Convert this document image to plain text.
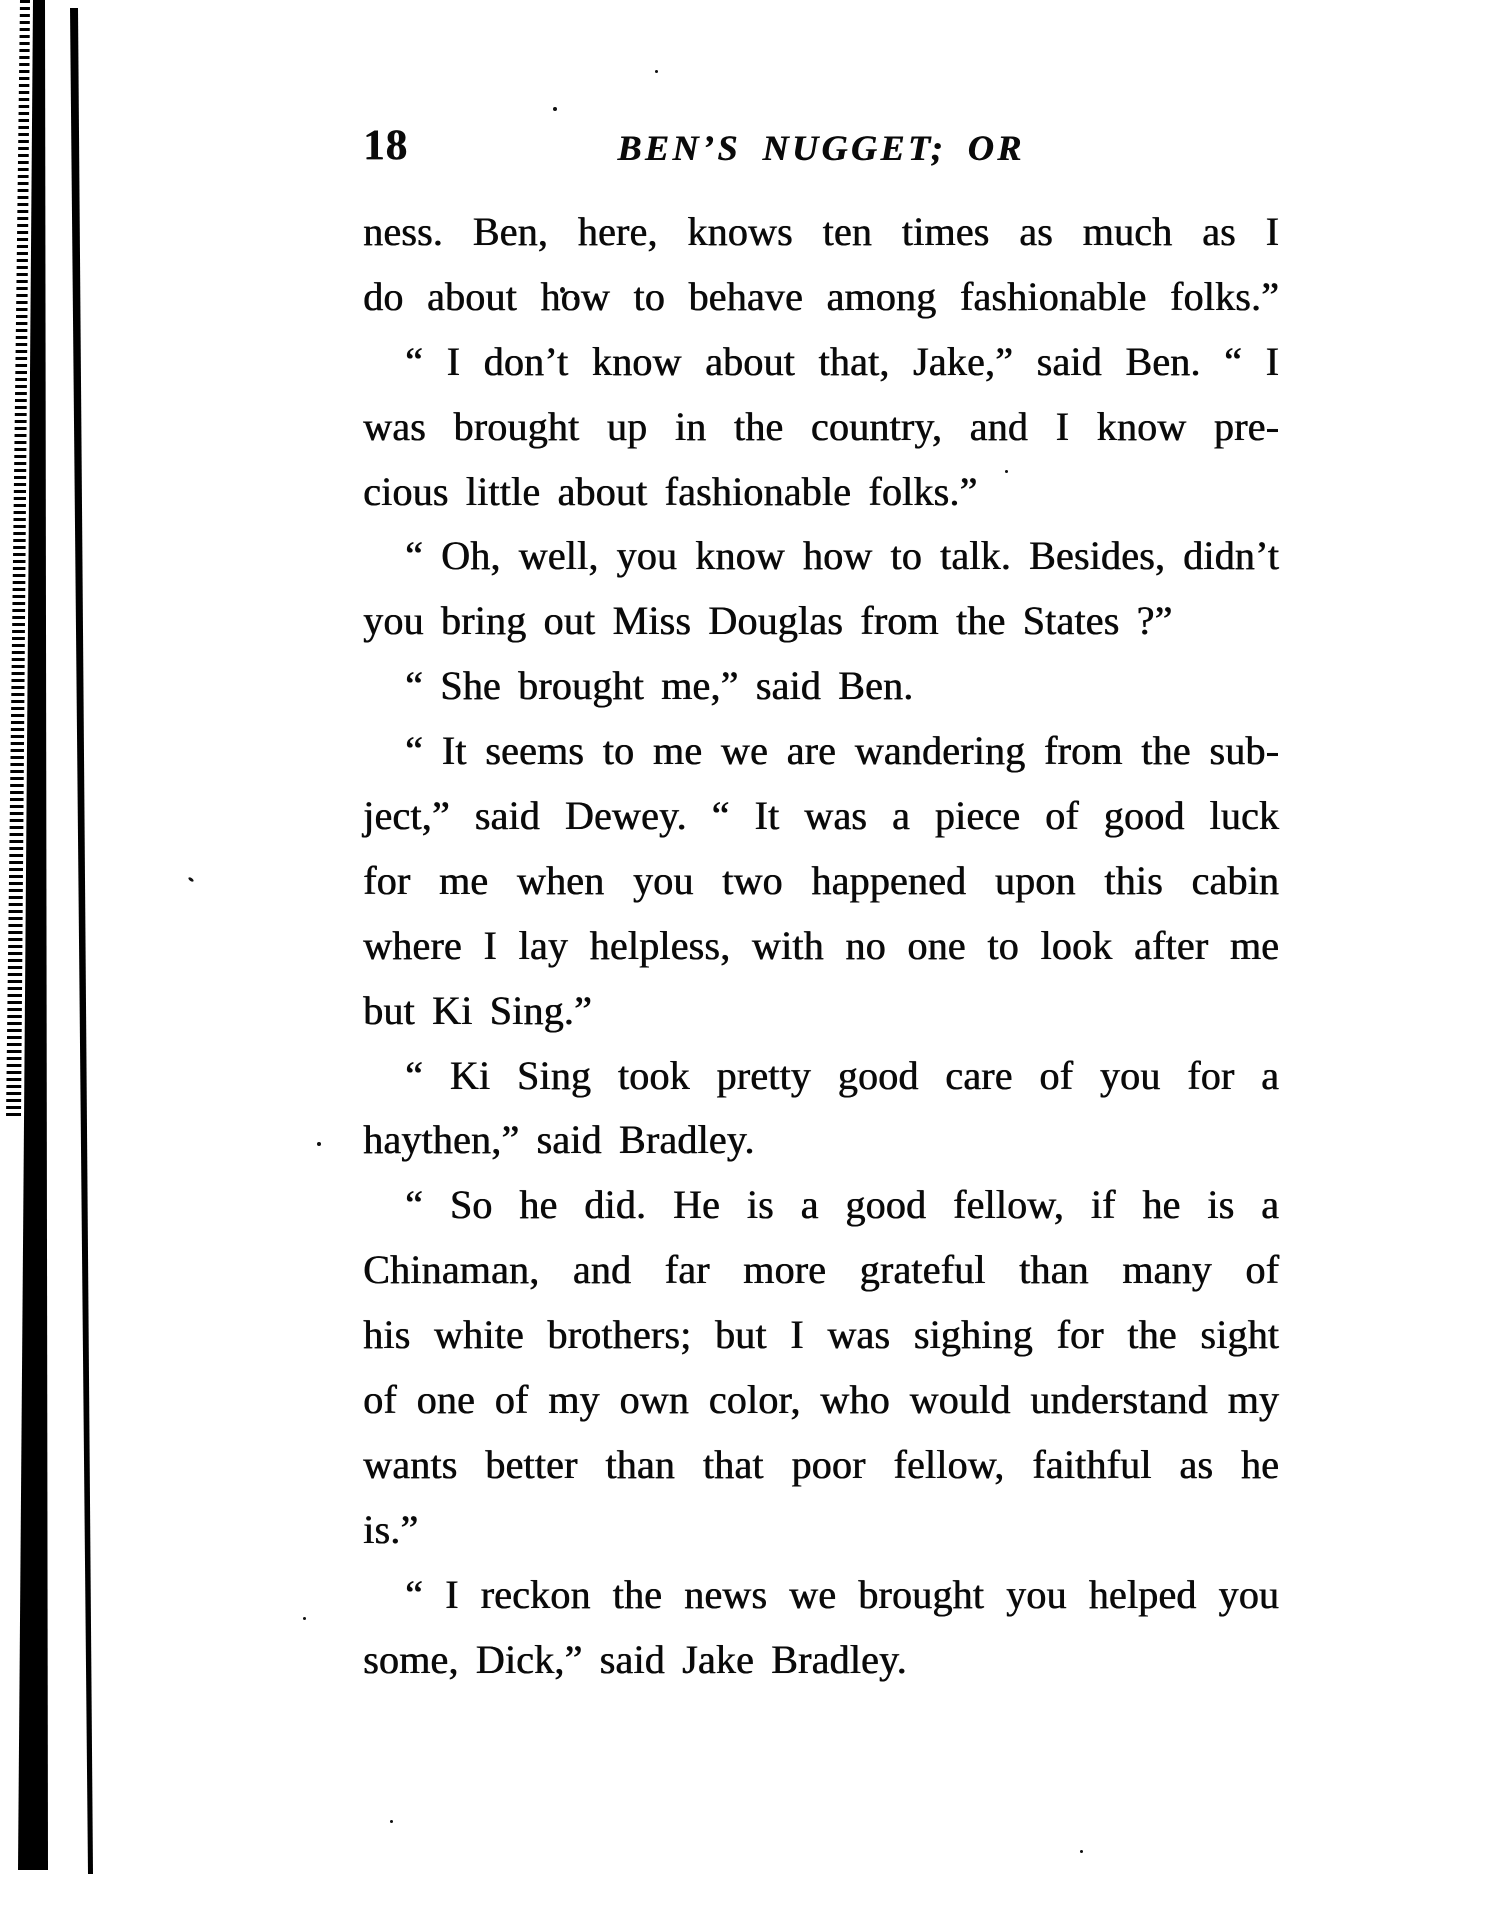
18	BEN’S NUGGET; OR
ness. Ben, here, knows ten times as much as I
do about how to behave among fashionable folks.”
“ I don’t know about that, Jake,” said Ben. “ I
was brought up in the country, and I know pre-
cious little about fashionable folks.”
“ Oh, well, you know how to talk. Besides, didn’t
you bring out Miss Douglas from the States ?”
“ She brought me,” said Ben.
“ It seems to me we are wandering from the sub-
ject,” said Dewey. “ It was a piece of good luck
for me when you two happened upon this cabin
where I lay helpless, with no one to look after me
but Ki Sing.”
“ Ki Sing took pretty good care of you for a
haythen,” said Bradley.
“ So he did. He is a good fellow, if he is a
Chinaman, and far more grateful than many of
his white brothers; but I was sighing for the sight
of one of my own color, who would understand my
wants better than that poor fellow, faithful as he
is.”
“ I reckon the news we brought you helped you
some, Dick,” said Jake Bradley.
